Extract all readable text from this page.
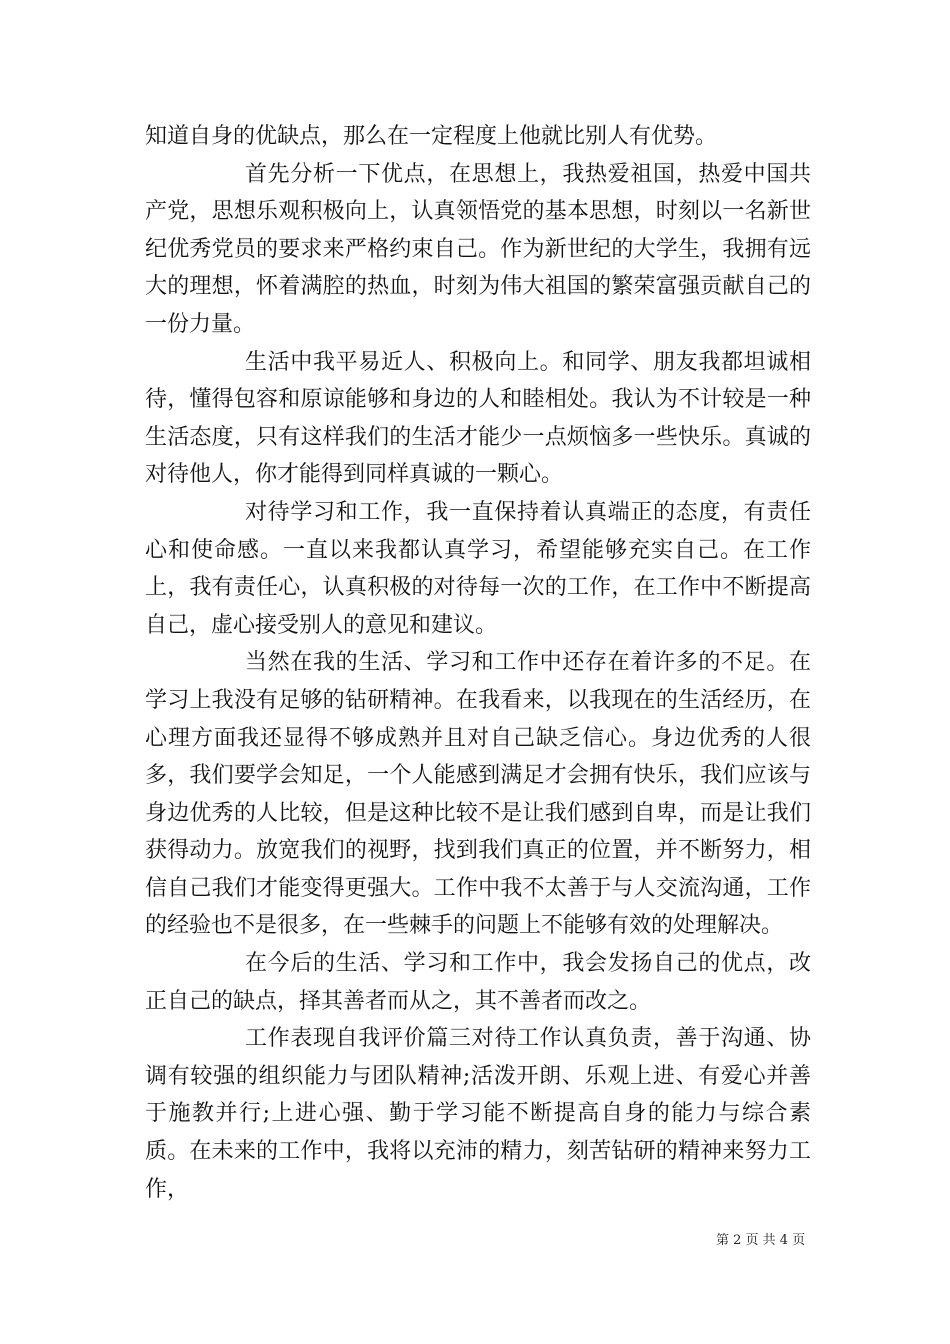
知道自身的优缺点，那么在一定程度上他就比别人有优势。

首先分析一下优点，在思想上，我热爱祖国，热爱中国共产党，思想乐观积极向上，认真领悟党的基本思想，时刻以一名新世纪优秀党员的要求来严格约束自己。作为新世纪的大学生，我拥有远大的理想，怀着满腔的热血，时刻为伟大祖国的繁荣富强贡献自己的一份力量。

生活中我平易近人、积极向上。和同学、朋友我都坦诚相待，懂得包容和原谅能够和身边的人和睦相处。我认为不计较是一种生活态度，只有这样我们的生活才能少一点烦恼多一些快乐。真诚的对待他人，你才能得到同样真诚的一颗心。

对待学习和工作，我一直保持着认真端正的态度，有责任心和使命感。一直以来我都认真学习，希望能够充实自己。在工作上，我有责任心，认真积极的对待每一次的工作，在工作中不断提高自己，虚心接受别人的意见和建议。

当然在我的生活、学习和工作中还存在着许多的不足。在学习上我没有足够的钻研精神。在我看来，以我现在的生活经历，在心理方面我还显得不够成熟并且对自己缺乏信心。身边优秀的人很多，我们要学会知足，一个人能感到满足才会拥有快乐，我们应该与身边优秀的人比较，但是这种比较不是让我们感到自卑，而是让我们获得动力。放宽我们的视野，找到我们真正的位置，并不断努力，相信自己我们才能变得更强大。工作中我不太善于与人交流沟通，工作的经验也不是很多，在一些棘手的问题上不能够有效的处理解决。

在今后的生活、学习和工作中，我会发扬自己的优点，改正自己的缺点，择其善者而从之，其不善者而改之。

工作表现自我评价篇三对待工作认真负责，善于沟通、协调有较强的组织能力与团队精神;活泼开朗、乐观上进、有爱心并善于施教并行;上进心强、勤于学习能不断提高自身的能力与综合素质。在未来的工作中，我将以充沛的精力，刻苦钻研的精神来努力工作，

第 2 页 共 4 页
